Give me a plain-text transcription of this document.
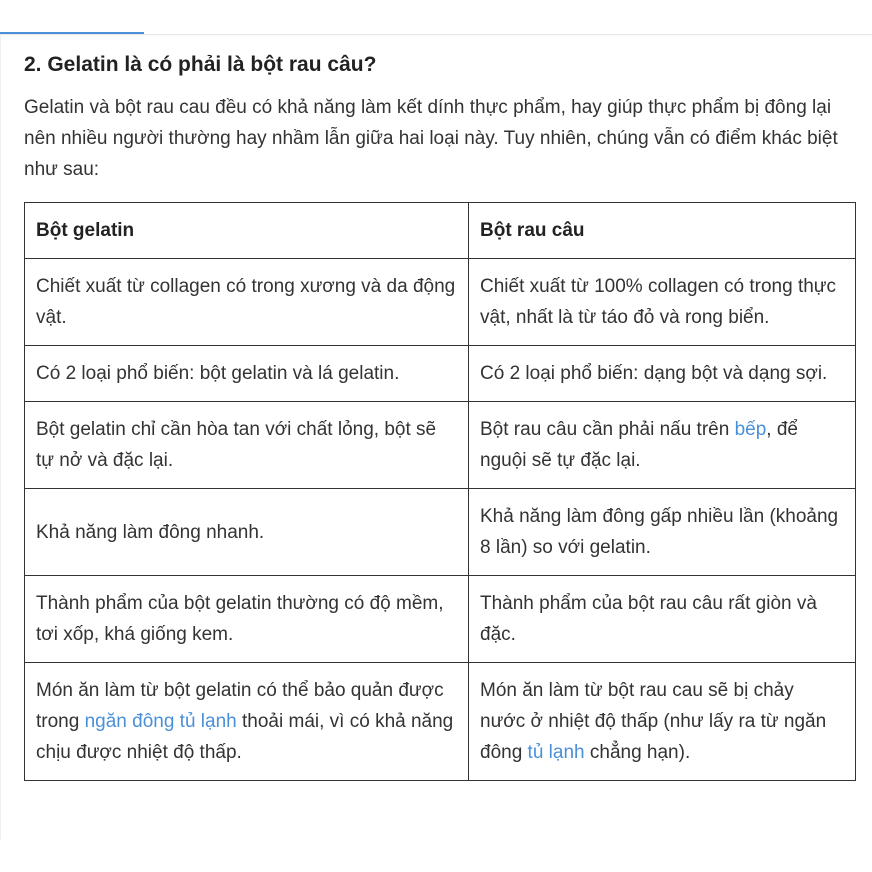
2. Gelatin là có phải là bột rau câu?

Gelatin và bột rau cau đều có khả năng làm kết dính thực phẩm, hay giúp thực phẩm bị đông lại nên nhiều người thường hay nhầm lẫn giữa hai loại này. Tuy nhiên, chúng vẫn có điểm khác biệt như sau:

Bột gelatin	Bột rau câu
Chiết xuất từ collagen có trong xương và da động vật.	Chiết xuất từ 100% collagen có trong thực vật, nhất là từ táo đỏ và rong biển.
Có 2 loại phổ biến: bột gelatin và lá gelatin.	Có 2 loại phổ biến: dạng bột và dạng sợi.
Bột gelatin chỉ cần hòa tan với chất lỏng, bột sẽ tự nở và đặc lại.	Bột rau câu cần phải nấu trên bếp, để nguội sẽ tự đặc lại.
Khả năng làm đông nhanh.	Khả năng làm đông gấp nhiều lần (khoảng 8 lần) so với gelatin.
Thành phẩm của bột gelatin thường có độ mềm, tơi xốp, khá giống kem.	Thành phẩm của bột rau câu rất giòn và đặc.
Món ăn làm từ bột gelatin có thể bảo quản được trong ngăn đông tủ lạnh thoải mái, vì có khả năng chịu được nhiệt độ thấp.	Món ăn làm từ bột rau cau sẽ bị chảy nước ở nhiệt độ thấp (như lấy ra từ ngăn đông tủ lạnh chẳng hạn).
